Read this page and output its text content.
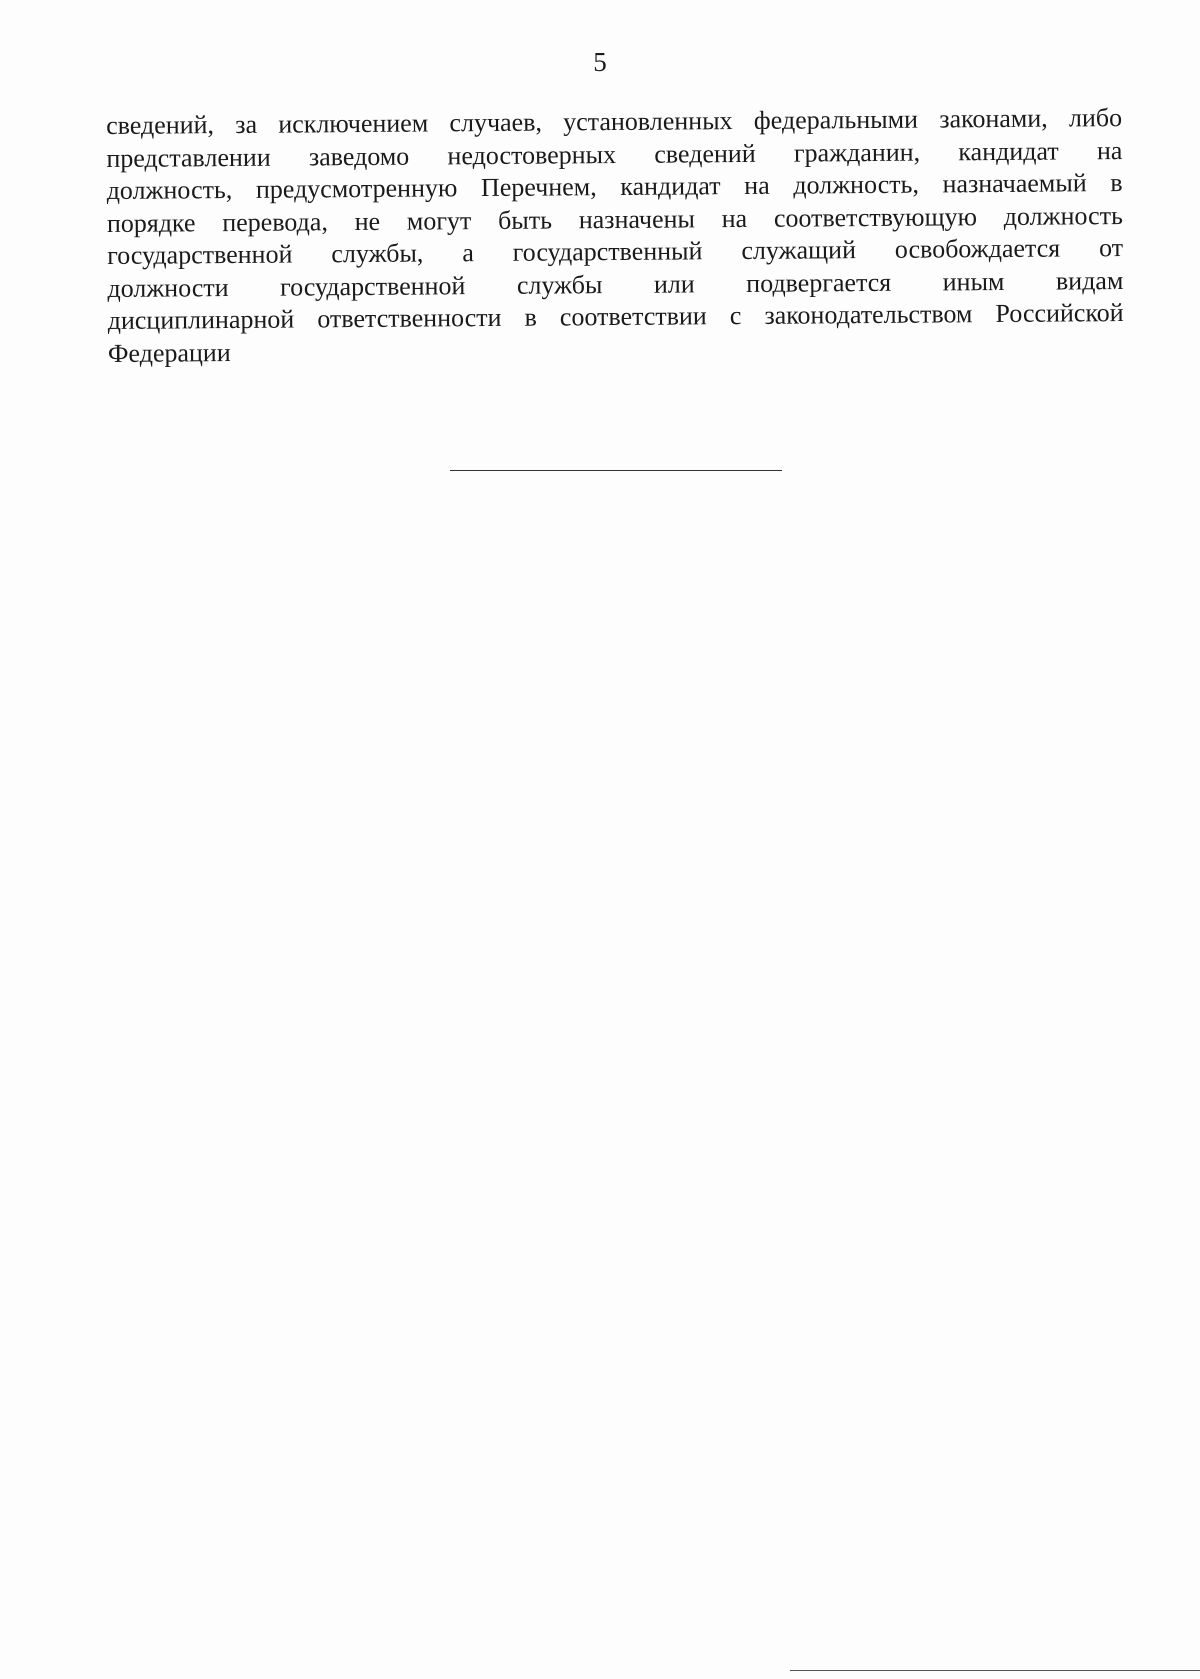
5
сведений, за исключением случаев, установленных федеральными законами, либо
представлении заведомо недостоверных сведений гражданин, кандидат на
должность, предусмотренную Перечнем, кандидат на должность, назначаемый в
порядке перевода, не могут быть назначены на соответствующую должность
государственной службы, а государственный служащий освобождается от
должности государственной службы или подвергается иным видам
дисциплинарной ответственности в соответствии с законодательством Российской
Федерации
